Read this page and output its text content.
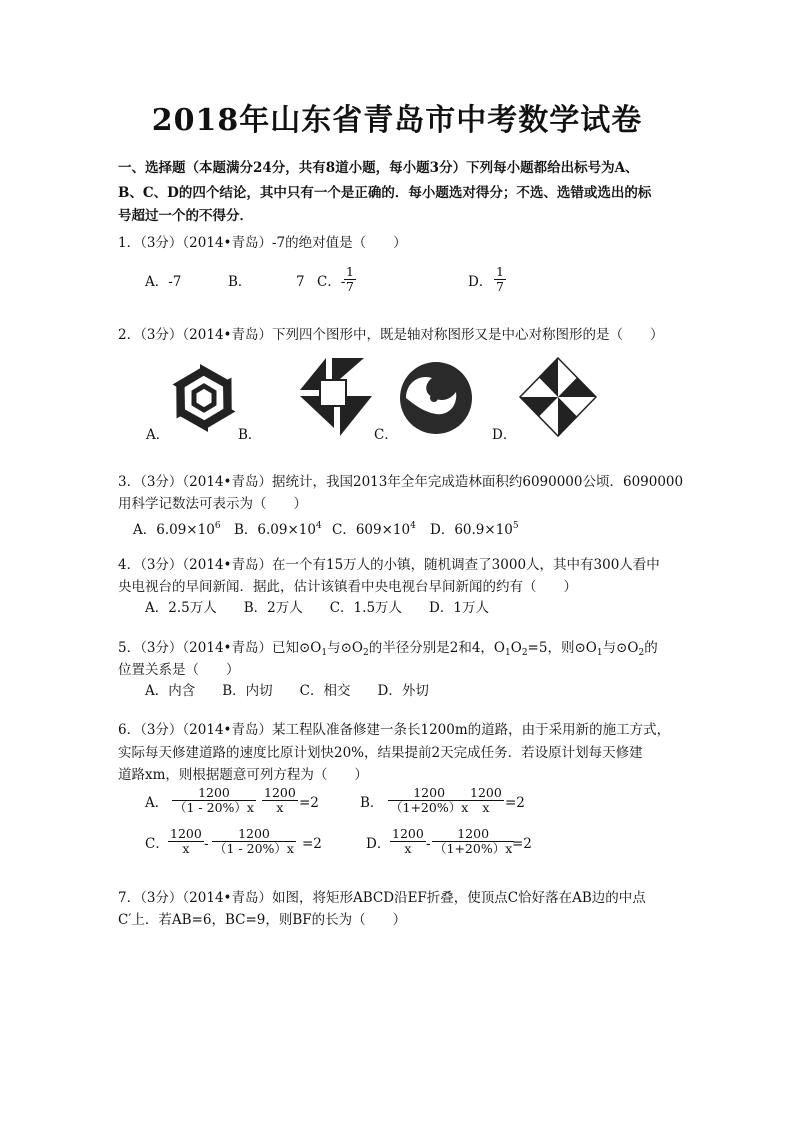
2018年山东省青岛市中考数学试卷
一、选择题（本题满分24分，共有8道小题，每小题3分）下列每小题都给出标号为A、
B、C、D的四个结论，其中只有一个是正确的．每小题选对得分；不选、选错或选出的标
号超过一个的不得分．
1．（3分）（2014•青岛）-7的绝对值是（　　）
A．-7	B．	7 C．-
$\frac{1}{7}$	D． $\frac{1}{7}$
2．（3分）（2014•青岛）下列四个图形中，既是轴对称图形又是中心对称图形的是（　　）
A．	B．	C．	D．
3．（3分）（2014•青岛）据统计，我国2013年全年完成造林面积约6090000公顷．6090000
用科学记数法可表示为（　　）
A．$6.09\times 10^6$ B．$6.09\times 10^4$ C．$609\times 10^4$ D．$60.9\times 10^5$
4．（3分）（2014•青岛）在一个有15万人的小镇，随机调查了3000人，其中有300人看中
央电视台的早间新闻．据此，估计该镇看中央电视台早间新闻的约有（　　）
A．2.5万人　　B．2万人　　C．1.5万人　　D．1万人
5．（3分）（2014•青岛）已知$⊙O_1$与$⊙O_2$的半径分别是2和4，$O_1O_2=5$，则$⊙O_1$与$⊙O_2$的
位置关系是（　　）
A．内含　　B．内切　　C．相交　　D．外切
6．（3分）（2014•青岛）某工程队准备修建一条长1200m的道路，由于采用新的施工方式，
实际每天修建道路的速度比原计划快20%，结果提前2天完成任务．若设原计划每天修建
道路xm，则根据题意可列方程为（　　）
A． $\frac{1200}{(1 - 20\%)x} \frac{1200}{x} =2$	B． $\frac{1200}{(1+20\%)x}$
$\frac{1200}{x} =2$
C． $\frac{1200}{x} - \frac{1200}{(1 - 20\%)x} =2$	D． $\frac{1200}{x} - \frac{1200}{(1+20\%)x}$
=2
7．（3分）（2014•青岛）如图，将矩形ABCD沿EF折叠，使顶点C恰好落在AB边的中点
C′上．若AB=6，BC=9，则BF的长为（　　）
